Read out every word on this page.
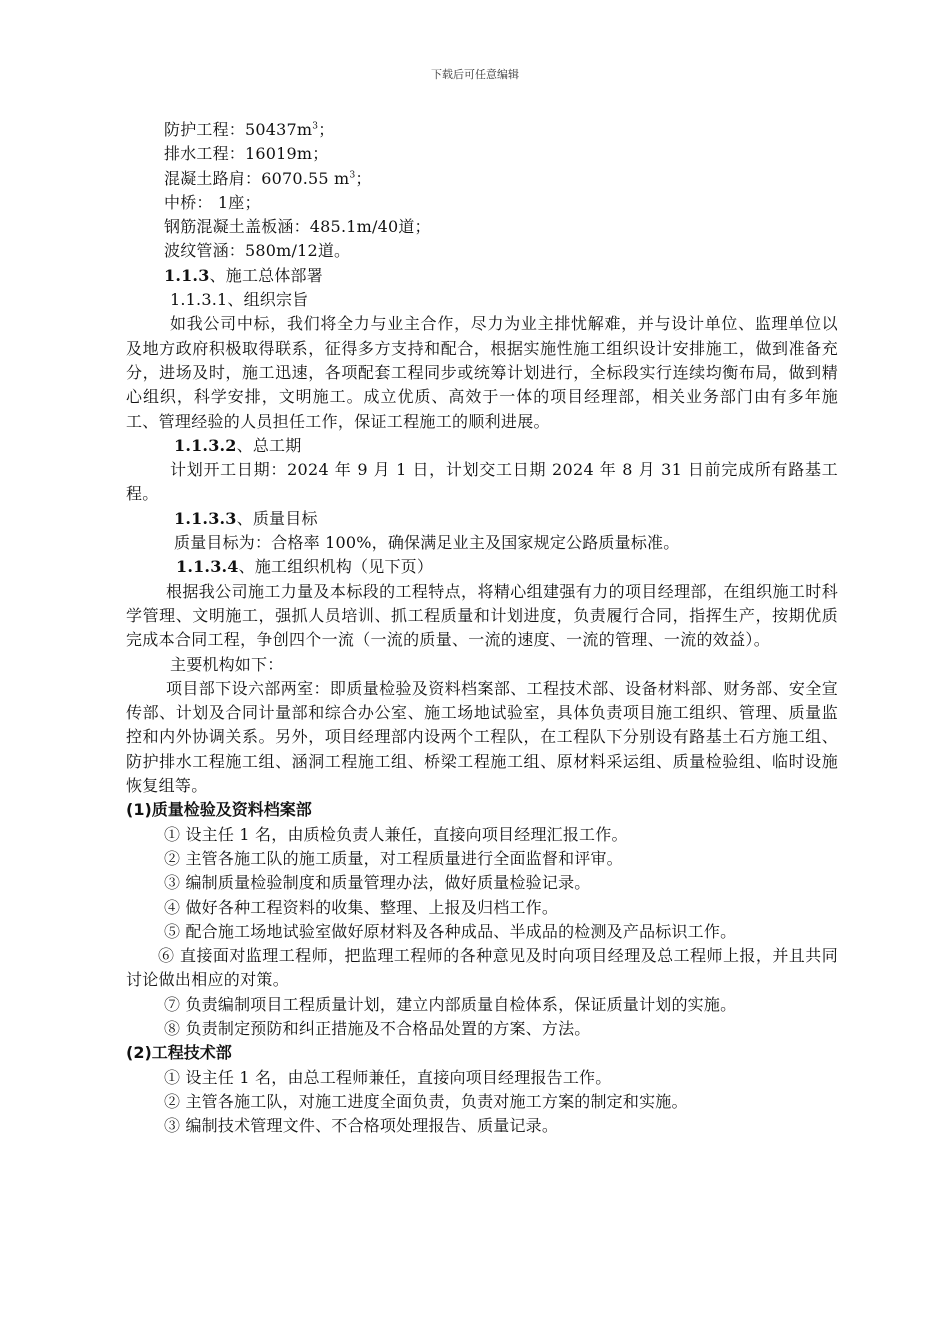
下载后可任意编辑
防护工程：$50437m^3$；
排水工程：16019m；
混凝土路肩：6070.55 $m^3$；
中桥： 1座；
钢筋混凝土盖板涵：485.1m/40道；
波纹管涵：580m/12道。
1.1.3、施工总体部署
1.1.3.1、组织宗旨
如我公司中标，我们将全力与业主合作，尽力为业主排忧解难，并与设计单位、监理单位以及地方政府积极取得联系，征得多方支持和配合，根据实施性施工组织设计安排施工，做到准备充分，进场及时，施工迅速，各项配套工程同步或统筹计划进行，全标段实行连续均衡布局，做到精心组织，科学安排，文明施工。成立优质、高效于一体的项目经理部，相关业务部门由有多年施工、管理经验的人员担任工作，保证工程施工的顺利进展。
1.1.3.2、总工期
计划开工日期：2024 年 9 月 1 日，计划交工日期 2024 年 8 月 31 日前完成所有路基工程。
1.1.3.3、质量目标
质量目标为：合格率 100%，确保满足业主及国家规定公路质量标准。
1.1.3.4、施工组织机构（见下页）
根据我公司施工力量及本标段的工程特点，将精心组建强有力的项目经理部，在组织施工时科学管理、文明施工，强抓人员培训、抓工程质量和计划进度，负责履行合同，指挥生产，按期优质完成本合同工程，争创四个一流（一流的质量、一流的速度、一流的管理、一流的效益）。
主要机构如下：
项目部下设六部两室：即质量检验及资料档案部、工程技术部、设备材料部、财务部、安全宣传部、计划及合同计量部和综合办公室、施工场地试验室，具体负责项目施工组织、管理、质量监控和内外协调关系。另外，项目经理部内设两个工程队，在工程队下分别设有路基土石方施工组、防护排水工程施工组、涵洞工程施工组、桥梁工程施工组、原材料采运组、质量检验组、临时设施恢复组等。
(1)质量检验及资料档案部
① 设主任 1 名，由质检负责人兼任，直接向项目经理汇报工作。
② 主管各施工队的施工质量，对工程质量进行全面监督和评审。
③ 编制质量检验制度和质量管理办法，做好质量检验记录。
④ 做好各种工程资料的收集、整理、上报及归档工作。
⑤ 配合施工场地试验室做好原材料及各种成品、半成品的检测及产品标识工作。
⑥ 直接面对监理工程师，把监理工程师的各种意见及时向项目经理及总工程师上报，并且共同讨论做出相应的对策。
⑦ 负责编制项目工程质量计划，建立内部质量自检体系，保证质量计划的实施。
⑧ 负责制定预防和纠正措施及不合格品处置的方案、方法。
(2)工程技术部
① 设主任 1 名，由总工程师兼任，直接向项目经理报告工作。
② 主管各施工队，对施工进度全面负责，负责对施工方案的制定和实施。
③ 编制技术管理文件、不合格项处理报告、质量记录。
